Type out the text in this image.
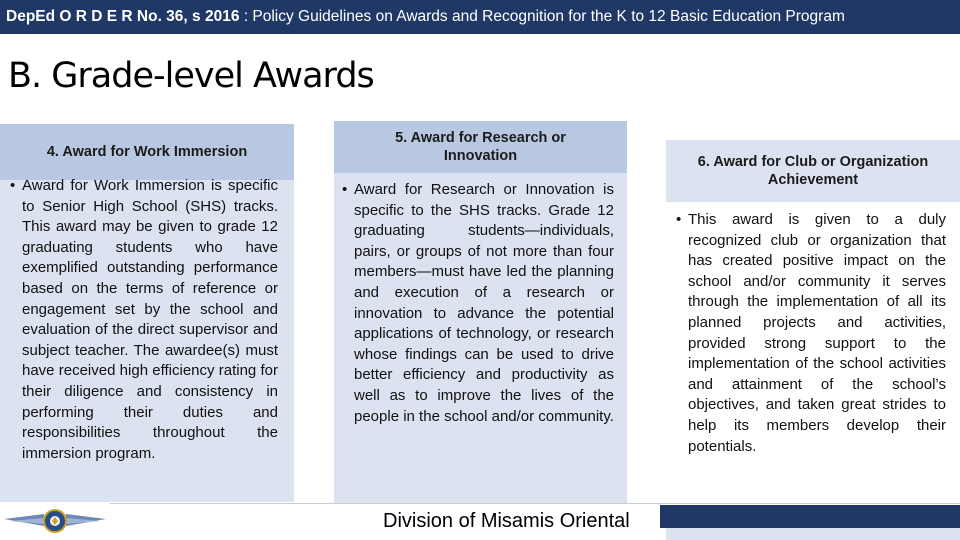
DepEd O R D E R No. 36, s 2016 : Policy Guidelines on Awards and Recognition for the K to 12 Basic Education Program
B. Grade-level Awards
4. Award for Work Immersion
• Award for Work Immersion is specific to Senior High School (SHS) tracks. This award may be given to grade 12 graduating students who have exemplified outstanding performance based on the terms of reference or engagement set by the school and evaluation of the direct supervisor and subject teacher. The awardee(s) must have received high efficiency rating for their diligence and consistency in performing their duties and responsibilities throughout the immersion program.
5. Award for Research or Innovation
• Award for Research or Innovation is specific to the SHS tracks. Grade 12 graduating students—individuals, pairs, or groups of not more than four members—must have led the planning and execution of a research or innovation to advance the potential applications of technology, or research whose findings can be used to drive better efficiency and productivity as well as to improve the lives of the people in the school and/or community.
6. Award for Club or Organization Achievement
• This award is given to a duly recognized club or organization that has created positive impact on the school and/or community it serves through the implementation of all its planned projects and activities, provided strong support to the implementation of the school activities and attainment of the school’s objectives, and taken great strides to help its members develop their potentials.
Division of Misamis Oriental
